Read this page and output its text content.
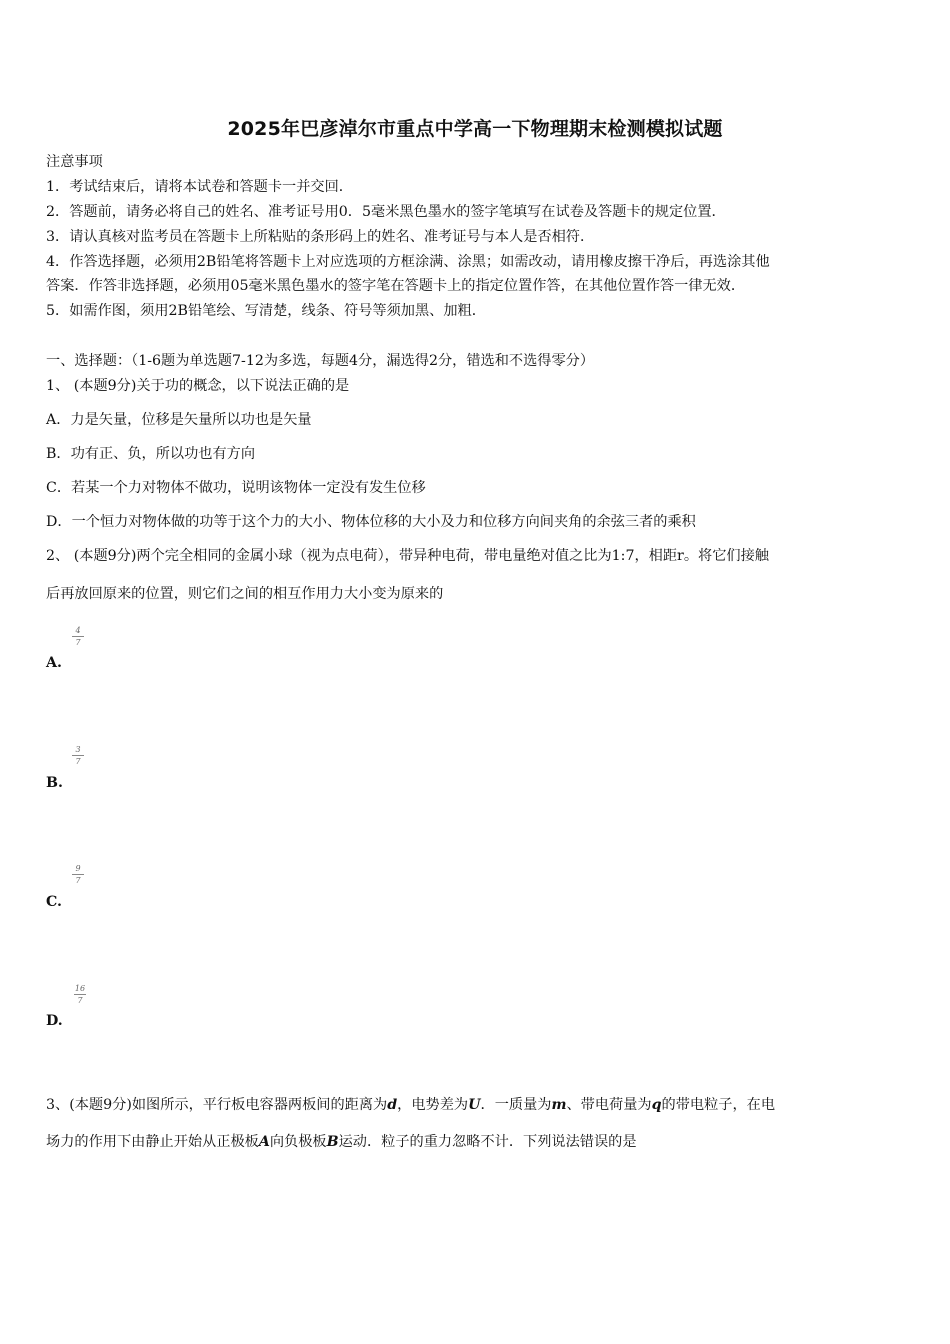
2025年巴彦淖尔市重点中学高一下物理期末检测模拟试题
注意事项
1．考试结束后，请将本试卷和答题卡一并交回．
2．答题前，请务必将自己的姓名、准考证号用0．5毫米黑色墨水的签字笔填写在试卷及答题卡的规定位置．
3．请认真核对监考员在答题卡上所粘贴的条形码上的姓名、准考证号与本人是否相符．
4．作答选择题，必须用2B铅笔将答题卡上对应选项的方框涂满、涂黑；如需改动，请用橡皮擦干净后，再选涂其他
答案．作答非选择题，必须用05毫米黑色墨水的签字笔在答题卡上的指定位置作答，在其他位置作答一律无效．
5．如需作图，须用2B铅笔绘、写清楚，线条、符号等须加黑、加粗．
一、选择题：（1-6题为单选题7-12为多选，每题4分，漏选得2分，错选和不选得零分）
1、 (本题9分)关于功的概念，以下说法正确的是
A．力是矢量，位移是矢量所以功也是矢量
B．功有正、负，所以功也有方向
C．若某一个力对物体不做功，说明该物体一定没有发生位移
D．一个恒力对物体做的功等于这个力的大小、物体位移的大小及力和位移方向间夹角的余弦三者的乘积
2、 (本题9分)两个完全相同的金属小球（视为点电荷），带异种电荷，带电量绝对值之比为1:7，相距r。将它们接触
后再放回原来的位置，则它们之间的相互作用力大小变为原来的
4
7
A.
3
7
B.
9
7
C.
16
7
D.
3、(本题9分)如图所示，平行板电容器两板间的距离为d，电势差为U．一质量为m、带电荷量为q的带电粒子，在电
场力的作用下由静止开始从正极板A向负极板B运动．粒子的重力忽略不计．下列说法错误的是
